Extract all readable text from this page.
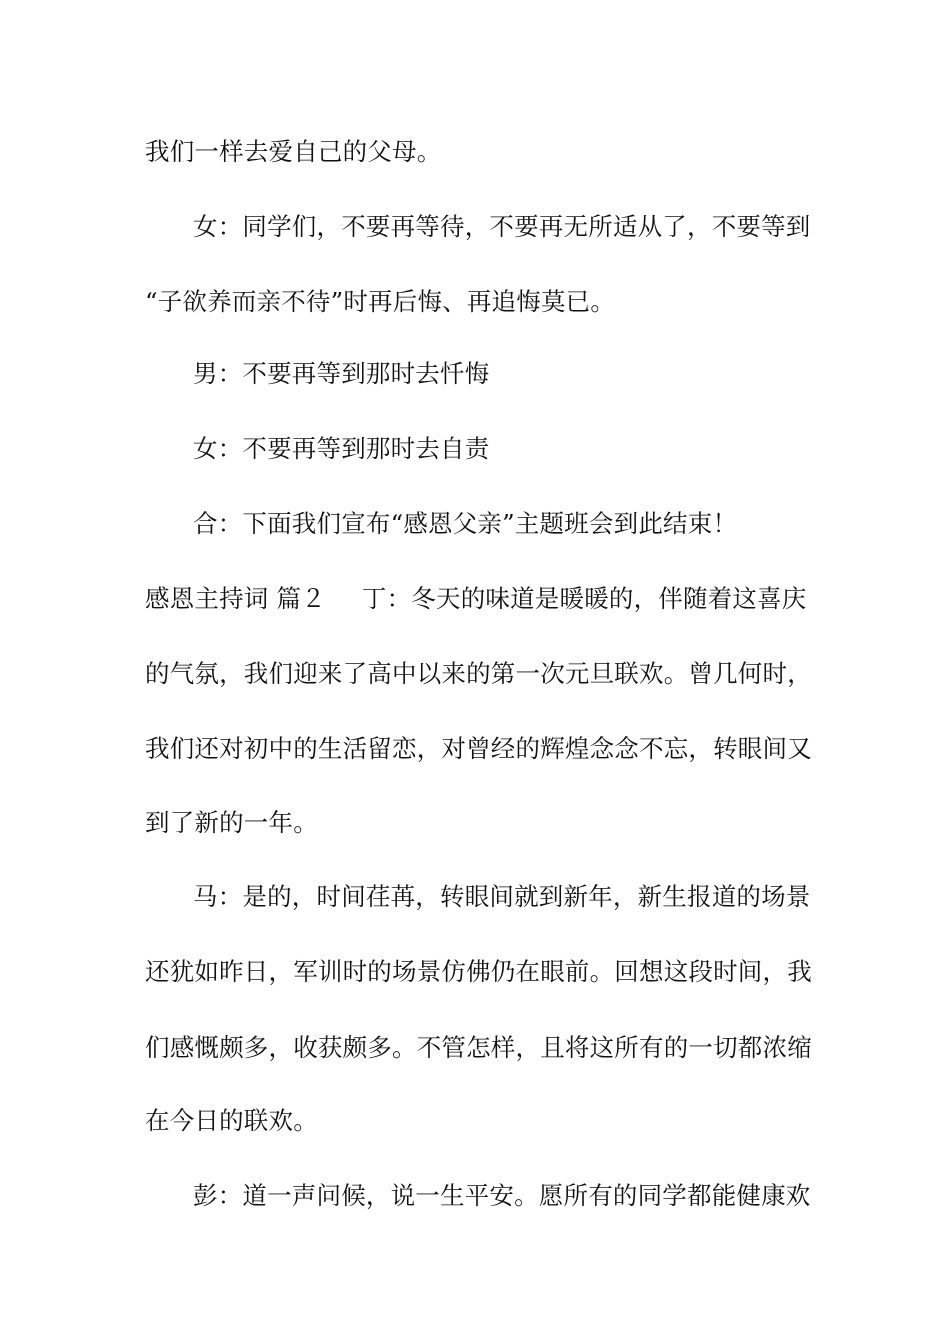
我们一样去爱自己的父母。
女：同学们，不要再等待，不要再无所适从了，不要等到
“子欲养而亲不待”时再后悔、再追悔莫已。
男：不要再等到那时去忏悔
女：不要再等到那时去自责
合：下面我们宣布“感恩父亲”主题班会到此结束！
感恩主持词 篇２ 丁：冬天的味道是暖暖的，伴随着这喜庆
的气氛，我们迎来了高中以来的第一次元旦联欢。曾几何时，
我们还对初中的生活留恋，对曾经的辉煌念念不忘，转眼间又
到了新的一年。
马：是的，时间荏苒，转眼间就到新年，新生报道的场景
还犹如昨日，军训时的场景仿佛仍在眼前。回想这段时间，我
们感慨颇多，收获颇多。不管怎样，且将这所有的一切都浓缩
在今日的联欢。
彭：道一声问候，说一生平安。愿所有的同学都能健康欢
